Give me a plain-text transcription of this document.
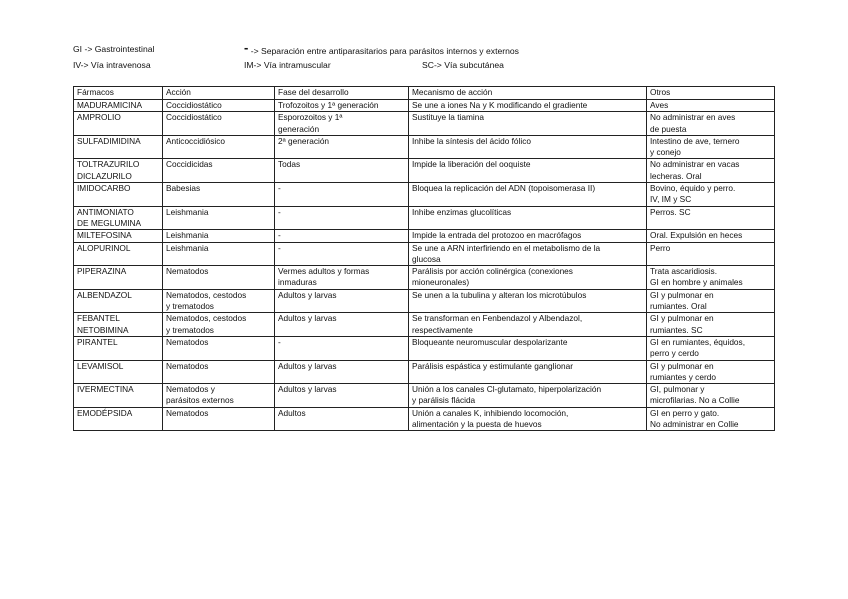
GI -> Gastrointestinal	- -> Separación entre antiparasitarios para parásitos internos y externos
IV-> Vía intravenosa	IM-> Vía intramuscular	SC-> Vía subcutánea
Fármacos	Acción	Fase del desarrollo	Mecanismo de acción	Otros

MADURAMICINA	Coccidiostático	Trofozoitos y 1ª generación	Se une a iones Na y K modificando el gradiente	Aves

AMPROLIO	Coccidiostático	Esporozoitos y 1ª
generación	Sustituye la tiamina	No administrar en aves
de puesta

SULFADIMIDINA	Anticoccidiósico	2ª generación	Inhibe la síntesis del ácido fólico	Intestino de ave, ternero
y conejo

TOLTRAZURILO
DICLAZURILO	Coccidicidas	Todas	Impide la liberación del ooquiste	No administrar en vacas
lecheras. Oral

IMIDOCARBO	Babesias	-	Bloquea la replicación del ADN (topoisomerasa II)	Bovino, équido y perro.
IV, IM y SC

ANTIMONIATO
DE MEGLUMINA	Leishmania	-	Inhibe enzimas glucolíticas	Perros. SC

MILTEFOSINA	Leishmania	-	Impide la entrada del protozoo en macrófagos	Oral. Expulsión en heces

ALOPURINOL	Leishmania	-	Se une a ARN interfiriendo en el metabolismo de la
glucosa	Perro

PIPERAZINA	Nematodos	Vermes adultos y formas
inmaduras	Parálisis por acción colinérgica (conexiones
mioneuronales)	Trata ascaridiosis.
GI en hombre y animales

ALBENDAZOL	Nematodos, cestodos
y trematodos	Adultos y larvas	Se unen a la tubulina y alteran los microtúbulos	GI y pulmonar en
rumiantes. Oral

FEBANTEL
NETOBIMINA	Nematodos, cestodos
y trematodos	Adultos y larvas	Se transforman en Fenbendazol y Albendazol,
respectivamente	GI y pulmonar en
rumiantes. SC

PIRANTEL	Nematodos	-	Bloqueante neuromuscular despolarizante	GI en rumiantes, équidos,
perro y cerdo

LEVAMISOL	Nematodos	Adultos y larvas	Parálisis espástica y estimulante ganglionar	GI y pulmonar en
rumiantes y cerdo

IVERMECTINA	Nematodos y
parásitos externos	Adultos y larvas	Unión a los canales Cl-glutamato, hiperpolarización
y parálisis flácida	GI, pulmonar y
microfilarias. No a Collie

EMODÉPSIDA	Nematodos	Adultos	Unión a canales K, inhibiendo locomoción,
alimentación y la puesta de huevos	GI en perro y gato.
No administrar en Collie
